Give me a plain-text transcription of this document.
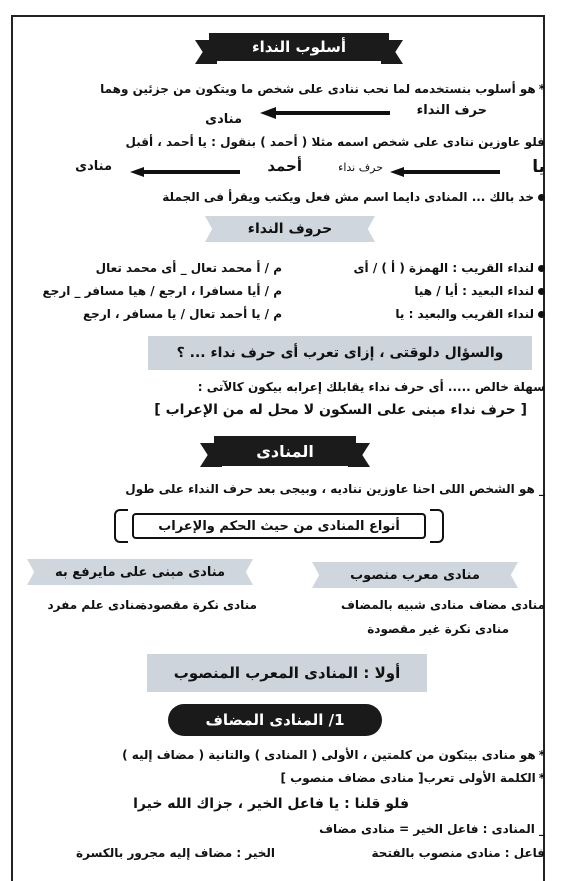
أسلوب النداء
*هو أسلوب بنستخدمه لما نحب ننادى على شخص ما ويتكون من جزئين وهما
حرف النداء
منادى
فلو عاوزين ننادى على شخص اسمه مثلا ( أحمد ) بنقول : يا أحمد ، أقبل
يا
حرف نداء
أحمد
منادى
خد بالك ... المنادى دايما اسم مش فعل ويكتب ويقرأ فى الجملة
حروف النداء
لنداء القريب : الهمزة ( أ ) / أى
م / أ محمد تعال _ أى محمد تعال
لنداء البعيد : أيا / هيا
م / أيا مسافرا ، ارجع / هيا مسافر _ ارجع
لنداء القريب والبعيد : يا
م / يا أحمد تعال / يا مسافر ، ارجع
والسؤال دلوقتى ، إزاى تعرب أى حرف نداء ... ؟
سهلة خالص ..... أى حرف نداء يقابلك إعرابه بيكون كالآتى :
[ حرف نداء مبنى على السكون لا محل له من الإعراب ]
المنادى
_ هو الشخص اللى احنا عاوزين نناديه ، وبيجى بعد حرف النداء على طول
أنواع المنادى من حيث الحكم والإعراب
منادى معرب منصوب
منادى مبنى على مايرفع به
منادى مضاف
منادى شبيه بالمضاف
منادى نكرة غير مقصودة
منادى نكرة مقصودة
منادى علم مفرد
أولا : المنادى المعرب المنصوب
1/ المنادى المضاف
*هو منادى بيتكون من كلمتين ، الأولى ( المنادى ) والتانية ( مضاف إليه )
*الكلمة الأولى تعرب[ منادى مضاف منصوب ]
فلو قلنا : يا فاعل الخير ، جزاك الله خيرا
_ المنادى : فاعل الخير = منادى مضاف
فاعل : منادى منصوب بالفتحة
الخير : مضاف إليه مجرور بالكسرة
